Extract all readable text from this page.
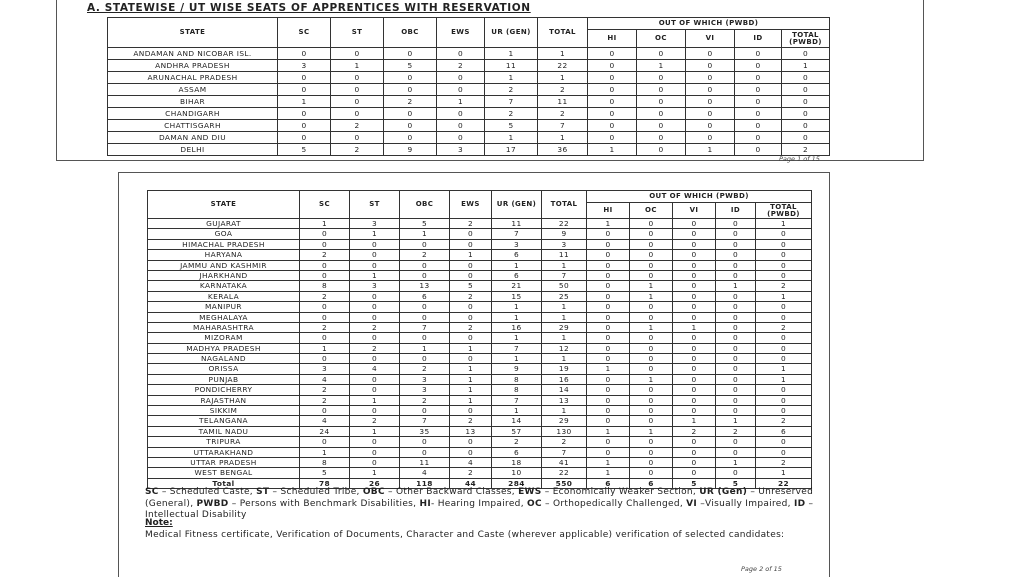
A. STATEWISE / UT WISE SEATS OF APPRENTICES WITH RESERVATION
STATE	SC	ST	OBC	EWS	UR (GEN)	TOTAL	OUT OF WHICH (PWBD)				
							HI	OC	VI	ID	TOTAL (PWBD)
ANDAMAN AND NICOBAR ISL.	0	0	0	0	1	1	0	0	0	0	0
ANDHRA PRADESH	3	1	5	2	11	22	0	1	0	0	1
ARUNACHAL PRADESH	0	0	0	0	1	1	0	0	0	0	0
ASSAM	0	0	0	0	2	2	0	0	0	0	0
BIHAR	1	0	2	1	7	11	0	0	0	0	0
CHANDIGARH	0	0	0	0	2	2	0	0	0	0	0
CHATTISGARH	0	2	0	0	5	7	0	0	0	0	0
DAMAN AND DIU	0	0	0	0	1	1	0	0	0	0	0
DELHI	5	2	9	3	17	36	1	0	1	0	2
Page 1 of 15
STATE	SC	ST	OBC	EWS	UR (GEN)	TOTAL	OUT OF WHICH (PWBD)				
							HI	OC	VI	ID	TOTAL (PWBD)
GUJARAT	1	3	5	2	11	22	1	0	0	0	1
GOA	0	1	1	0	7	9	0	0	0	0	0
HIMACHAL PRADESH	0	0	0	0	3	3	0	0	0	0	0
HARYANA	2	0	2	1	6	11	0	0	0	0	0
JAMMU AND KASHMIR	0	0	0	0	1	1	0	0	0	0	0
JHARKHAND	0	1	0	0	6	7	0	0	0	0	0
KARNATAKA	8	3	13	5	21	50	0	1	0	1	2
KERALA	2	0	6	2	15	25	0	1	0	0	1
MANIPUR	0	0	0	0	1	1	0	0	0	0	0
MEGHALAYA	0	0	0	0	1	1	0	0	0	0	0
MAHARASHTRA	2	2	7	2	16	29	0	1	1	0	2
MIZORAM	0	0	0	0	1	1	0	0	0	0	0
MADHYA PRADESH	1	2	1	1	7	12	0	0	0	0	0
NAGALAND	0	0	0	0	1	1	0	0	0	0	0
ORISSA	3	4	2	1	9	19	1	0	0	0	1
PUNJAB	4	0	3	1	8	16	0	1	0	0	1
PONDICHERRY	2	0	3	1	8	14	0	0	0	0	0
RAJASTHAN	2	1	2	1	7	13	0	0	0	0	0
SIKKIM	0	0	0	0	1	1	0	0	0	0	0
TELANGANA	4	2	7	2	14	29	0	0	1	1	2
TAMIL NADU	24	1	35	13	57	130	1	1	2	2	6
TRIPURA	0	0	0	0	2	2	0	0	0	0	0
UTTARAKHAND	1	0	0	0	6	7	0	0	0	0	0
UTTAR PRADESH	8	0	11	4	18	41	1	0	0	1	2
WEST BENGAL	5	1	4	2	10	22	1	0	0	0	1
Total	78	26	118	44	284	550	6	6	5	5	22
SC – Scheduled Caste, ST – Scheduled Tribe, OBC – Other Backward Classes, EWS – Economically Weaker Section, UR (Gen) – Unreserved (General), PWBD – Persons with Benchmark Disabilities, HI- Hearing Impaired, OC – Orthopedically Challenged, VI –Visually Impaired, ID – Intellectual Disability
Note:
Medical Fitness certificate, Verification of Documents, Character and Caste (wherever applicable) verification of selected candidates:
Page 2 of 15
